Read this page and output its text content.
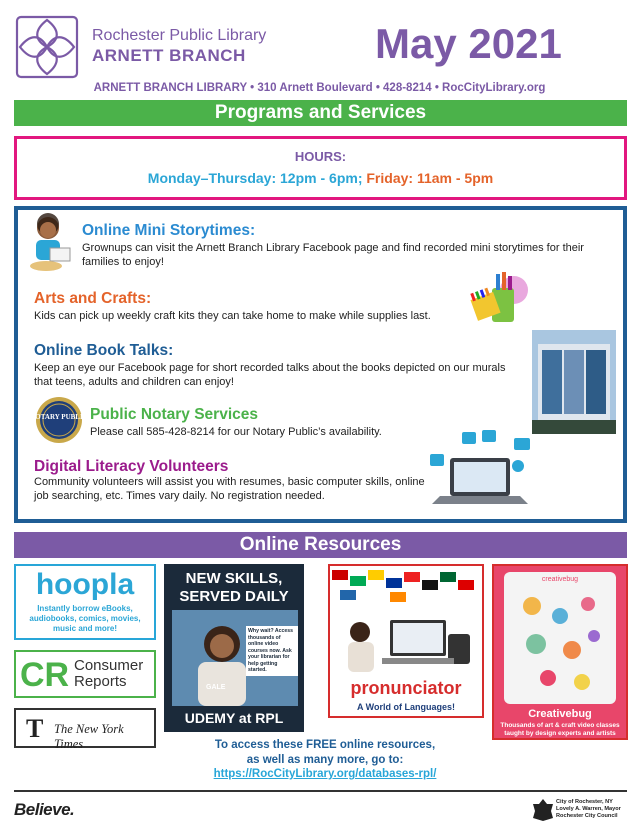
Rochester Public Library
ARNETT BRANCH	May 2021
ARNETT BRANCH LIBRARY • 310 Arnett Boulevard • 428-8214 • RocCityLibrary.org
Programs and Services
HOURS:
Monday–Thursday: 12pm - 6pm; Friday: 11am - 5pm
Online Mini Storytimes:
Grownups can visit the Arnett Branch Library Facebook page and find recorded mini storytimes for their families to enjoy!
Arts and Crafts:
Kids can pick up weekly craft kits they can take home to make while supplies last.
Online Book Talks:
Keep an eye our Facebook page for short recorded talks about the books depicted on our murals that teens, adults and children can enjoy!
NOTARY PUBLIC Public Notary Services
Please call 585-428-8214 for our Notary Public’s availability.
Digital Literacy Volunteers
Community volunteers will assist you with resumes, basic computer skills, online job searching, etc. Times vary daily. No registration needed.
Online Resources
hoopla
Instantly borrow eBooks, audiobooks, comics, movies, music and more!
CR Consumer
Reports
T The New York Times
NEW SKILLS,
SERVED DAILY
Why wait? Access thousands of online video courses now. Ask your librarian for help getting started.
GALE
UDEMY at RPL
pronunciator
A World of Languages!
creativebug
Creativebug
Thousands of art & craft video classes taught by design experts and artists
To access these FREE online resources,
as well as many more, go to:
https://RocCityLibrary.org/databases-rpl/
Believe.	City of Rochester, NY
Lovely A. Warren, Mayor
Rochester City Council
